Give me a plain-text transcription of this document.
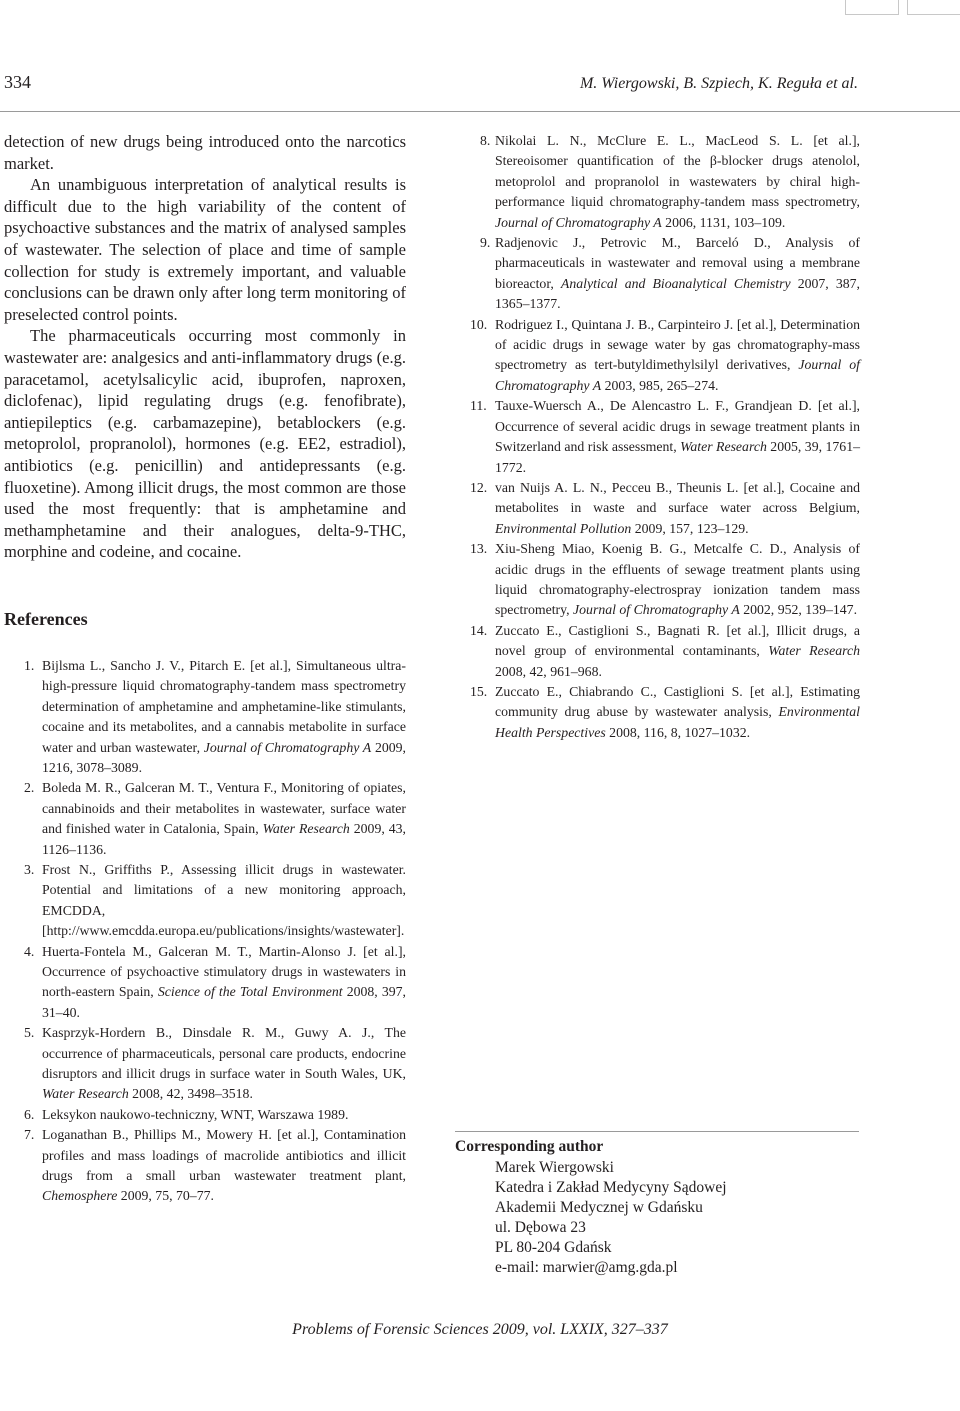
334	M. Wiergowski, B. Szpiech, K. Reguła et al.

detection of new drugs being introduced onto the narcotics market.

An unambiguous interpretation of analytical results is difficult due to the high variability of the content of psychoactive substances and the matrix of analysed samples of wastewater. The selection of place and time of sample collection for study is extremely important, and valuable conclusions can be drawn only after long term monitoring of preselected control points.

The pharmaceuticals occurring most commonly in wastewater are: analgesics and anti-inflammatory drugs (e.g. paracetamol, acetylsalicylic acid, ibuprofen, naproxen, diclofenac), lipid regulating drugs (e.g. fenofibrate), antiepileptics (e.g. carbamazepine), betablockers (e.g. metoprolol, propranolol), hormones (e.g. EE2, estradiol), antibiotics (e.g. penicillin) and antidepressants (e.g. fluoxetine). Among illicit drugs, the most common are those used the most frequently: that is amphetamine and methamphetamine and their analogues, delta-9-THC, morphine and codeine, and cocaine.

References
1. Bijlsma L., Sancho J. V., Pitarch E. [et al.], Simultaneous ultra-high-pressure liquid chromatography-tandem mass spectrometry determination of amphetamine and amphetamine-like stimulants, cocaine and its metabolites, and a cannabis metabolite in surface water and urban wastewater, Journal of Chromatography A 2009, 1216, 3078–3089.
2. Boleda M. R., Galceran M. T., Ventura F., Monitoring of opiates, cannabinoids and their metabolites in wastewater, surface water and finished water in Catalonia, Spain, Water Research 2009, 43, 1126–1136.
3. Frost N., Griffiths P., Assessing illicit drugs in wastewater. Potential and limitations of a new monitoring approach, EMCDDA, [http://www.emcdda.europa.eu/publications/insights/wastewater].
4. Huerta-Fontela M., Galceran M. T., Martin-Alonso J. [et al.], Occurrence of psychoactive stimulatory drugs in wastewaters in north-eastern Spain, Science of the Total Environment 2008, 397, 31–40.
5. Kasprzyk-Hordern B., Dinsdale R. M., Guwy A. J., The occurrence of pharmaceuticals, personal care products, endocrine disruptors and illicit drugs in surface water in South Wales, UK, Water Research 2008, 42, 3498–3518.
6. Leksykon naukowo-techniczny, WNT, Warszawa 1989.
7. Loganathan B., Phillips M., Mowery H. [et al.], Contamination profiles and mass loadings of macrolide antibiotics and illicit drugs from a small urban wastewater treatment plant, Chemosphere 2009, 75, 70–77.
8. Nikolai L. N., McClure E. L., MacLeod S. L. [et al.], Stereoisomer quantification of the β-blocker drugs atenolol, metoprolol and propranolol in wastewaters by chiral high-performance liquid chromatography-tandem mass spectrometry, Journal of Chromatography A 2006, 1131, 103–109.
9. Radjenovic J., Petrovic M., Barceló D., Analysis of pharmaceuticals in wastewater and removal using a membrane bioreactor, Analytical and Bioanalytical Chemistry 2007, 387, 1365–1377.
10. Rodriguez I., Quintana J. B., Carpinteiro J. [et al.], Determination of acidic drugs in sewage water by gas chromatography-mass spectrometry as tert-butyldimethylsilyl derivatives, Journal of Chromatography A 2003, 985, 265–274.
11. Tauxe-Wuersch A., De Alencastro L. F., Grandjean D. [et al.], Occurrence of several acidic drugs in sewage treatment plants in Switzerland and risk assessment, Water Research 2005, 39, 1761–1772.
12. van Nuijs A. L. N., Pecceu B., Theunis L. [et al.], Cocaine and metabolites in waste and surface water across Belgium, Environmental Pollution 2009, 157, 123–129.
13. Xiu-Sheng Miao, Koenig B. G., Metcalfe C. D., Analysis of acidic drugs in the effluents of sewage treatment plants using liquid chromatography-electrospray ionization tandem mass spectrometry, Journal of Chromatography A 2002, 952, 139–147.
14. Zuccato E., Castiglioni S., Bagnati R. [et al.], Illicit drugs, a novel group of environmental contaminants, Water Research 2008, 42, 961–968.
15. Zuccato E., Chiabrando C., Castiglioni S. [et al.], Estimating community drug abuse by wastewater analysis, Environmental Health Perspectives 2008, 116, 8, 1027–1032.
Corresponding author
Marek Wiergowski
Katedra i Zakład Medycyny Sądowej
Akademii Medycznej w Gdańsku
ul. Dębowa 23
PL 80-204 Gdańsk
e-mail: marwier@amg.gda.pl
Problems of Forensic Sciences 2009, vol. LXXIX, 327–337
